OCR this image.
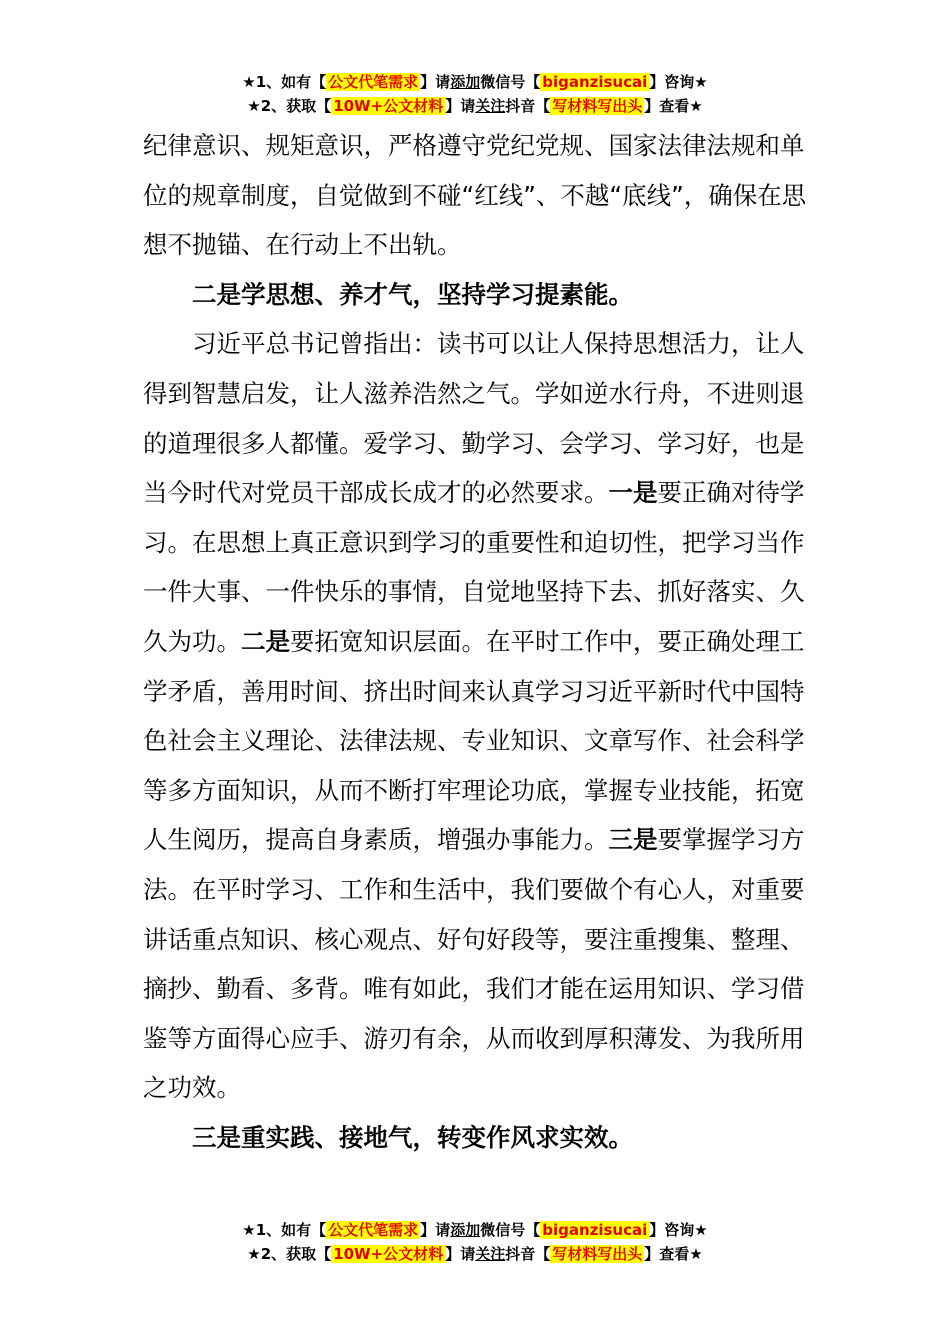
★1、如有【 公文代笔需求 】请添加微信号【 biganzisucai 】咨询★
★2、获取【 10W+公文材料 】请关注抖音【 写材料写出头 】查看★

纪律意识、规矩意识，严格遵守党纪党规、国家法律法规和单位的规章制度，自觉做到不碰“红线”、不越“底线”，确保在思想不抛锚、在行动上不出轨。

二是学思想、养才气，坚持学习提素能。

习近平总书记曾指出：读书可以让人保持思想活力，让人得到智慧启发，让人滋养浩然之气。学如逆水行舟，不进则退的道理很多人都懂。爱学习、勤学习、会学习、学习好，也是当今时代对党员干部成长成才的必然要求。一是要正确对待学习。在思想上真正意识到学习的重要性和迫切性，把学习当作一件大事、一件快乐的事情，自觉地坚持下去、抓好落实、久久为功。二是要拓宽知识层面。在平时工作中，要正确处理工学矛盾，善用时间、挤出时间来认真学习习近平新时代中国特色社会主义理论、法律法规、专业知识、文章写作、社会科学等多方面知识，从而不断打牢理论功底，掌握专业技能，拓宽人生阅历，提高自身素质，增强办事能力。三是要掌握学习方法。在平时学习、工作和生活中，我们要做个有心人，对重要讲话重点知识、核心观点、好句好段等，要注重搜集、整理、摘抄、勤看、多背。唯有如此，我们才能在运用知识、学习借鉴等方面得心应手、游刃有余，从而收到厚积薄发、为我所用之功效。

三是重实践、接地气，转变作风求实效。

★1、如有【 公文代笔需求 】请添加微信号【 biganzisucai 】咨询★
★2、获取【 10W+公文材料 】请关注抖音【 写材料写出头 】查看★
